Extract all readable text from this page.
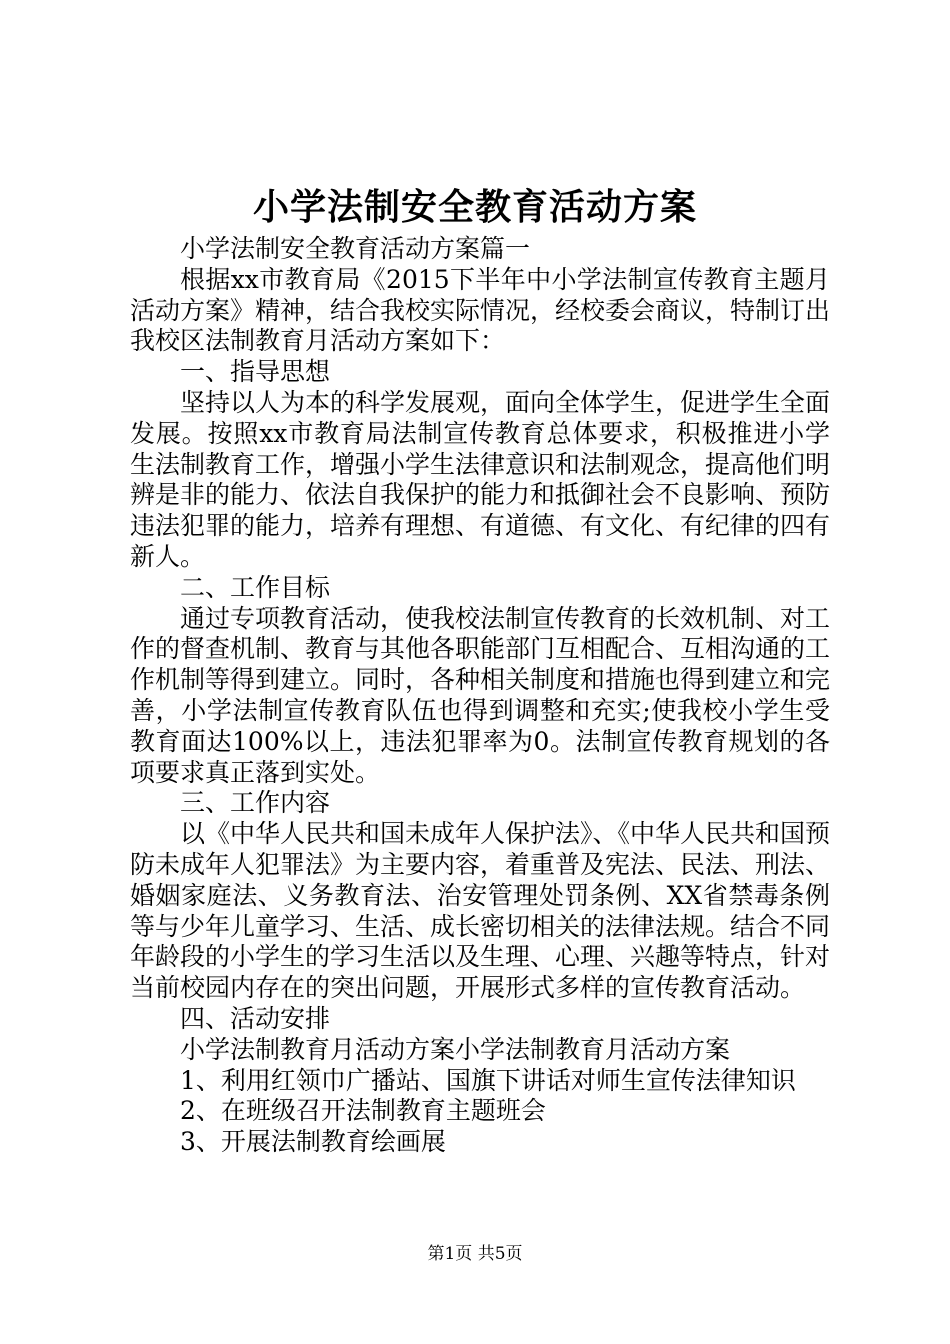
小学法制安全教育活动方案

小学法制安全教育活动方案篇一

根据xx市教育局《2015下半年中小学法制宣传教育主题月活动方案》精神，结合我校实际情况，经校委会商议，特制订出我校区法制教育月活动方案如下：

一、指导思想

坚持以人为本的科学发展观，面向全体学生，促进学生全面发展。按照xx市教育局法制宣传教育总体要求，积极推进小学生法制教育工作，增强小学生法律意识和法制观念，提高他们明辨是非的能力、依法自我保护的能力和抵御社会不良影响、预防违法犯罪的能力，培养有理想、有道德、有文化、有纪律的四有新人。

二、工作目标

通过专项教育活动，使我校法制宣传教育的长效机制、对工作的督查机制、教育与其他各职能部门互相配合、互相沟通的工作机制等得到建立。同时，各种相关制度和措施也得到建立和完善，小学法制宣传教育队伍也得到调整和充实;使我校小学生受教育面达100%以上，违法犯罪率为0。法制宣传教育规划的各项要求真正落到实处。

三、工作内容

以《中华人民共和国未成年人保护法》、《中华人民共和国预防未成年人犯罪法》为主要内容，着重普及宪法、民法、刑法、婚姻家庭法、义务教育法、治安管理处罚条例、XX省禁毒条例等与少年儿童学习、生活、成长密切相关的法律法规。结合不同年龄段的小学生的学习生活以及生理、心理、兴趣等特点，针对当前校园内存在的突出问题，开展形式多样的宣传教育活动。

四、活动安排

小学法制教育月活动方案小学法制教育月活动方案

1、利用红领巾广播站、国旗下讲话对师生宣传法律知识

2、在班级召开法制教育主题班会

3、开展法制教育绘画展

第1页 共5页
